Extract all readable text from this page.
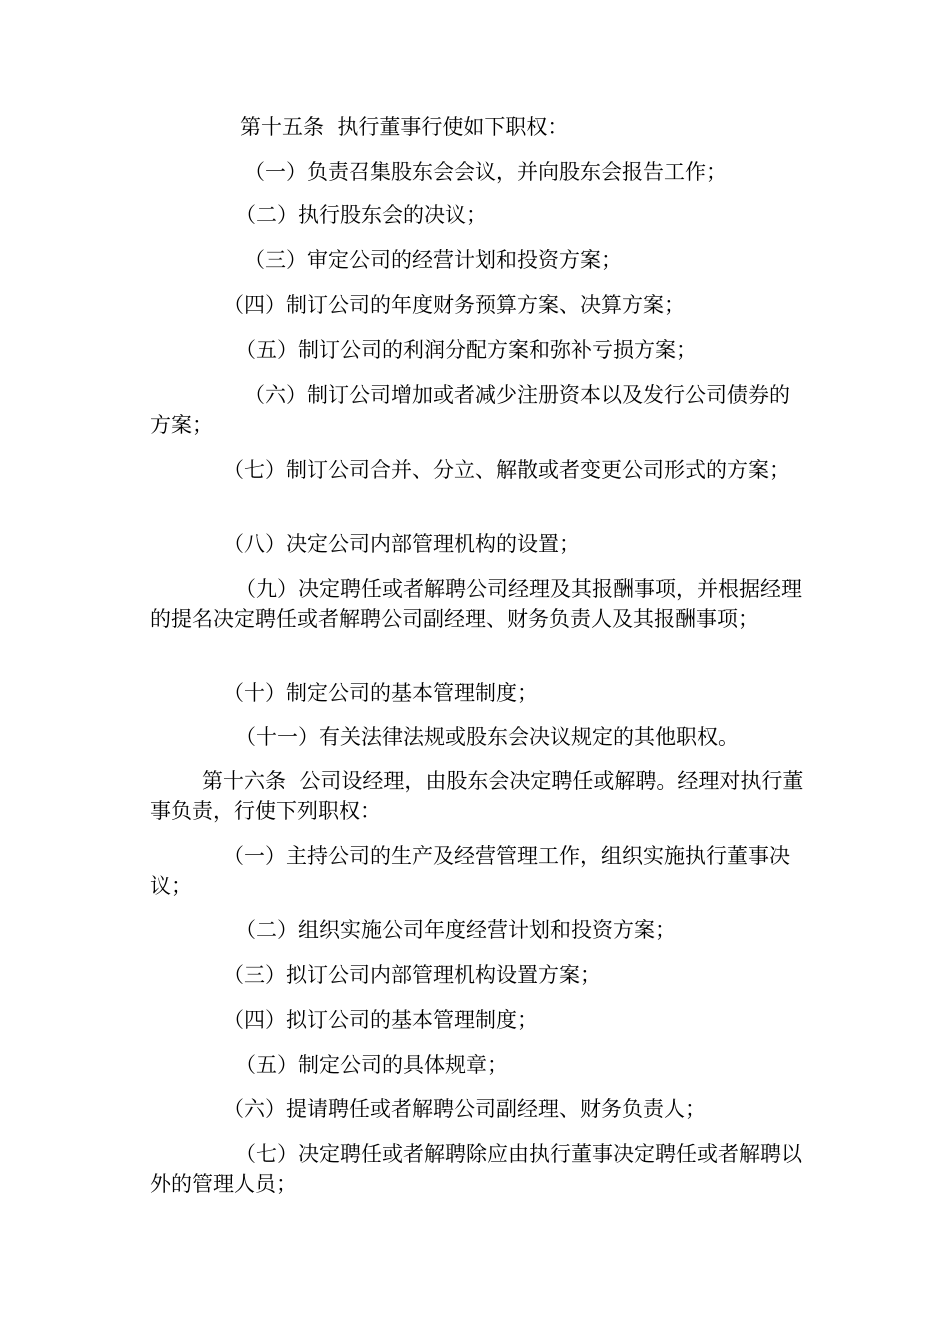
第十五条  执行董事行使如下职权：

（一）负责召集股东会会议，并向股东会报告工作；

（二）执行股东会的决议；

（三）审定公司的经营计划和投资方案；

（四）制订公司的年度财务预算方案、决算方案；

（五）制订公司的利润分配方案和弥补亏损方案；

（六）制订公司增加或者减少注册资本以及发行公司债券的方案；

（七）制订公司合并、分立、解散或者变更公司形式的方案；

（八）决定公司内部管理机构的设置；

（九）决定聘任或者解聘公司经理及其报酬事项，并根据经理的提名决定聘任或者解聘公司副经理、财务负责人及其报酬事项；

（十）制定公司的基本管理制度；

（十一）有关法律法规或股东会决议规定的其他职权。

第十六条  公司设经理，由股东会决定聘任或解聘。经理对执行董事负责，行使下列职权：

（一）主持公司的生产及经营管理工作，组织实施执行董事决议；

（二）组织实施公司年度经营计划和投资方案；

（三）拟订公司内部管理机构设置方案；

（四）拟订公司的基本管理制度；

（五）制定公司的具体规章；

（六）提请聘任或者解聘公司副经理、财务负责人；

（七）决定聘任或者解聘除应由执行董事决定聘任或者解聘以外的管理人员；
